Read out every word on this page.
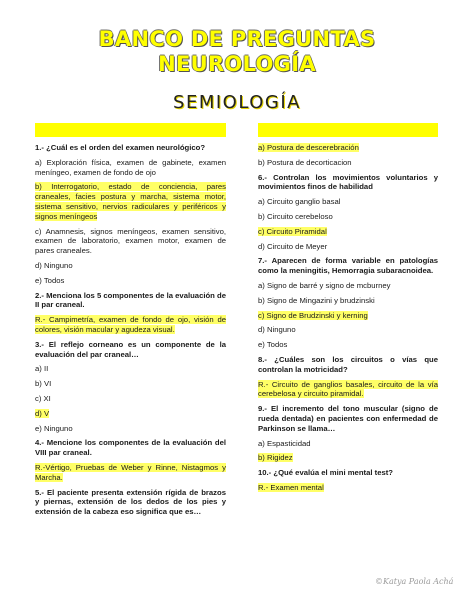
BANCO DE PREGUNTAS
NEUROLOGÍA
SEMIOLOGÍA

1.- ¿Cuál es el orden del examen neurológico?

a) Exploración física, examen de gabinete, examen meníngeo, examen de fondo de ojo

b) Interrogatorio, estado de conciencia, pares craneales, facies postura y marcha, sistema motor, sistema sensitivo, nervios radiculares y periféricos y signos meníngeos

c) Anamnesis, signos meníngeos, examen sensitivo, examen de laboratorio, examen motor, examen de pares craneales.

d) Ninguno

e) Todos

2.- Menciona los 5 componentes de la evaluación de II par craneal.

R.- Campimetría, examen de fondo de ojo, visión de colores, visión macular y agudeza visual.

3.- El reflejo corneano es un componente de la evaluación del par craneal…

a) II

b) VI

c) XI

d) V

e) Ninguno

4.- Mencione los componentes de la evaluación del VIII par craneal.

R.-Vértigo, Pruebas de Weber y Rinne, Nistagmos y Marcha.

5.- El paciente presenta extensión rígida de brazos y piernas, extensión de los dedos de los pies y extensión de la cabeza eso significa que es…

a) Postura de descerebración

b) Postura de decorticacion

6.- Controlan los movimientos voluntarios y movimientos finos de habilidad

a) Circuito ganglio basal

b) Circuito cerebeloso

c) Circuito Piramidal

d) Circuito de Meyer

7.- Aparecen de forma variable en patologías como la meningitis, Hemorragia subaracnoidea.

a) Signo de barré y signo de mcburney

b) Signo de Mingazini y brudzinski

c) Signo de Brudzinski y kerning

d) Ninguno

e) Todos

8.- ¿Cuáles son los circuitos o vías que controlan la motricidad?

R.- Circuito de ganglios basales, circuito de la vía cerebelosa y circuito piramidal.

9.- El incremento del tono muscular (signo de rueda dentada) en pacientes con enfermedad de Parkinson se llama…

a) Espasticidad

b) Rigidez

10.- ¿Qué evalúa el mini mental test?

R.- Examen mental

©Katya Paola Achá
